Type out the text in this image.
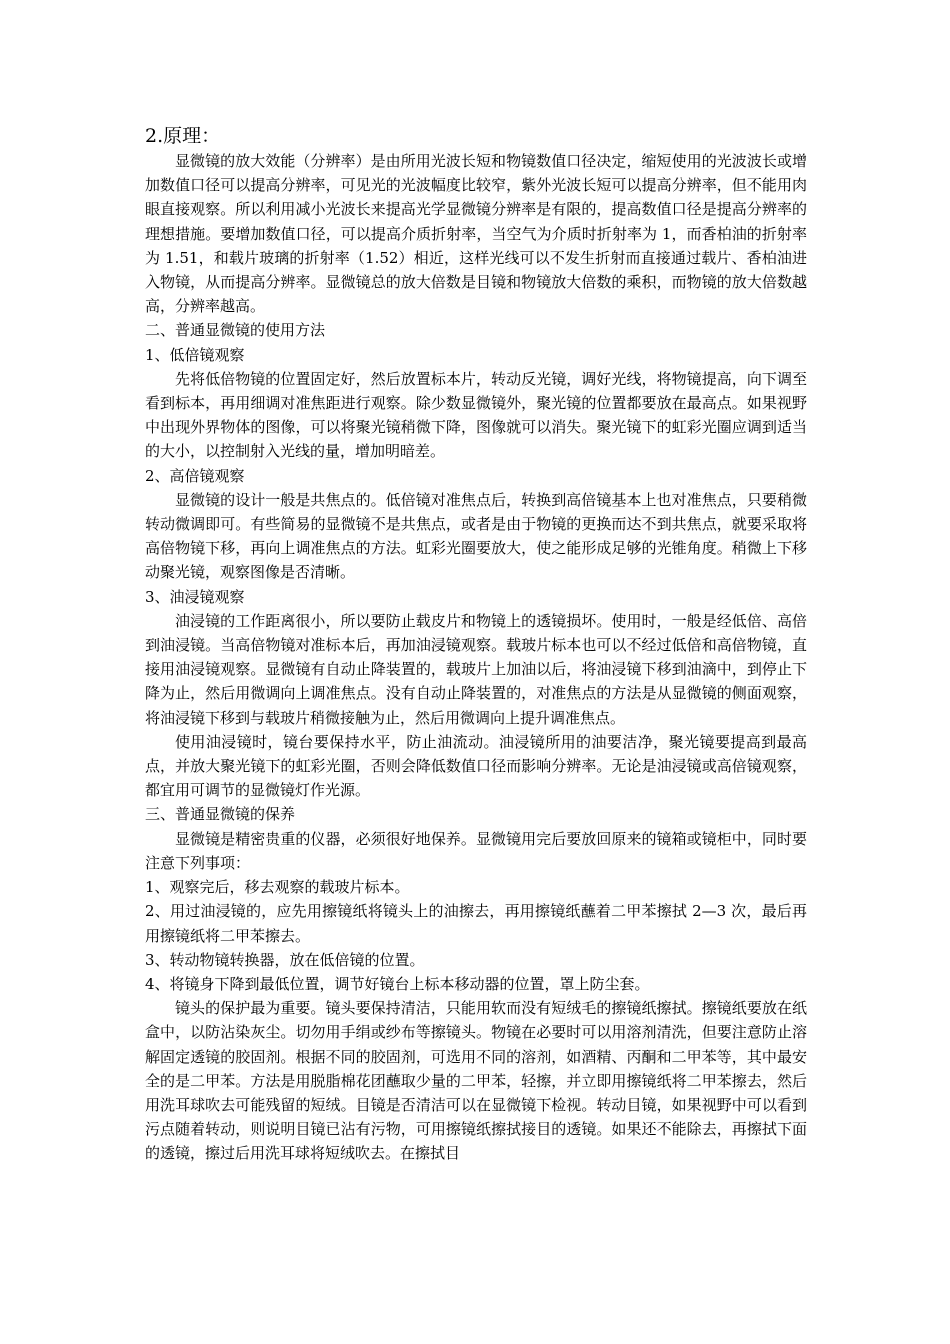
2.原理：

显微镜的放大效能（分辨率）是由所用光波长短和物镜数值口径决定，缩短使用的光波波长或增加数值口径可以提高分辨率，可见光的光波幅度比较窄，紫外光波长短可以提高分辨率，但不能用肉眼直接观察。所以利用减小光波长来提高光学显微镜分辨率是有限的，提高数值口径是提高分辨率的理想措施。要增加数值口径，可以提高介质折射率，当空气为介质时折射率为 1，而香柏油的折射率为 1.51，和载片玻璃的折射率（1.52）相近，这样光线可以不发生折射而直接通过载片、香柏油进入物镜，从而提高分辨率。显微镜总的放大倍数是目镜和物镜放大倍数的乘积，而物镜的放大倍数越高，分辨率越高。

二、普通显微镜的使用方法
1、低倍镜观察

先将低倍物镜的位置固定好，然后放置标本片，转动反光镜，调好光线，将物镜提高，向下调至看到标本，再用细调对准焦距进行观察。除少数显微镜外，聚光镜的位置都要放在最高点。如果视野中出现外界物体的图像，可以将聚光镜稍微下降，图像就可以消失。聚光镜下的虹彩光圈应调到适当的大小，以控制射入光线的量，增加明暗差。

2、高倍镜观察

显微镜的设计一般是共焦点的。低倍镜对准焦点后，转换到高倍镜基本上也对准焦点，只要稍微转动微调即可。有些简易的显微镜不是共焦点，或者是由于物镜的更换而达不到共焦点，就要采取将高倍物镜下移，再向上调准焦点的方法。虹彩光圈要放大，使之能形成足够的光锥角度。稍微上下移动聚光镜，观察图像是否清晰。

3、油浸镜观察

油浸镜的工作距离很小，所以要防止载皮片和物镜上的透镜损坏。使用时，一般是经低倍、高倍到油浸镜。当高倍物镜对准标本后，再加油浸镜观察。载玻片标本也可以不经过低倍和高倍物镜，直接用油浸镜观察。显微镜有自动止降装置的，载玻片上加油以后，将油浸镜下移到油滴中，到停止下降为止，然后用微调向上调准焦点。没有自动止降装置的，对准焦点的方法是从显微镜的侧面观察，将油浸镜下移到与载玻片稍微接触为止，然后用微调向上提升调准焦点。

使用油浸镜时，镜台要保持水平，防止油流动。油浸镜所用的油要洁净，聚光镜要提高到最高点，并放大聚光镜下的虹彩光圈，否则会降低数值口径而影响分辨率。无论是油浸镜或高倍镜观察，都宜用可调节的显微镜灯作光源。

三、普通显微镜的保养

显微镜是精密贵重的仪器，必须很好地保养。显微镜用完后要放回原来的镜箱或镜柜中，同时要注意下列事项：

1、观察完后，移去观察的载玻片标本。
2、用过油浸镜的，应先用擦镜纸将镜头上的油擦去，再用擦镜纸蘸着二甲苯擦拭 2—3 次，最后再用擦镜纸将二甲苯擦去。
3、转动物镜转换器，放在低倍镜的位置。
4、将镜身下降到最低位置，调节好镜台上标本移动器的位置，罩上防尘套。

镜头的保护最为重要。镜头要保持清洁，只能用软而没有短绒毛的擦镜纸擦拭。擦镜纸要放在纸盒中，以防沾染灰尘。切勿用手绢或纱布等擦镜头。物镜在必要时可以用溶剂清洗，但要注意防止溶解固定透镜的胶固剂。根据不同的胶固剂，可选用不同的溶剂，如酒精、丙酮和二甲苯等，其中最安全的是二甲苯。方法是用脱脂棉花团蘸取少量的二甲苯，轻擦，并立即用擦镜纸将二甲苯擦去，然后用洗耳球吹去可能残留的短绒。目镜是否清洁可以在显微镜下检视。转动目镜，如果视野中可以看到污点随着转动，则说明目镜已沾有污物，可用擦镜纸擦拭接目的透镜。如果还不能除去，再擦拭下面的透镜，擦过后用洗耳球将短绒吹去。在擦拭目
